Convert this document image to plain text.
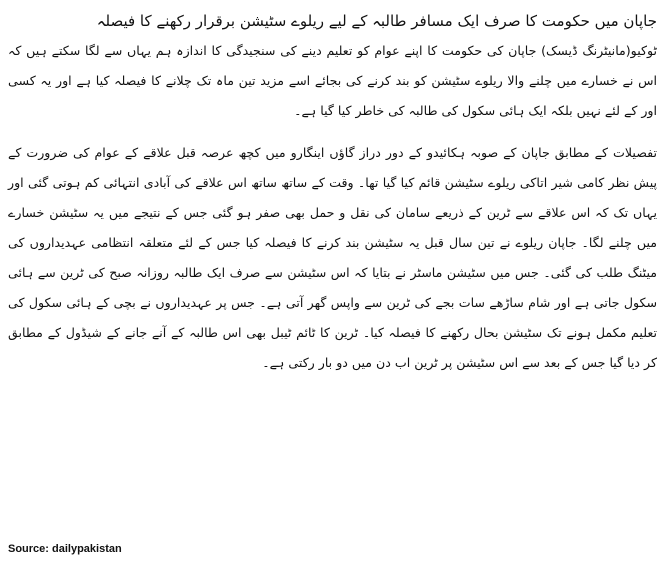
جاپان میں حکومت کا صرف ایک مسافر طالبہ کے لیے ریلوے سٹیشن برقرار رکھنے کا فیصلہ

ٹوکیو(مانیٹرنگ ڈیسک) جاپان کی حکومت کا اپنے عوام کو تعلیم دینے کی سنجیدگی کا اندازہ ہم یہاں سے لگا سکتے ہیں کہ اس نے خسارے میں چلنے والا ریلوے سٹیشن کو بند کرنے کی بجائے اسے مزید تین ماہ تک چلانے کا فیصلہ کیا ہے اور یہ کسی اور کے لئے نہیں بلکہ ایک ہائی سکول کی طالبہ کی خاطر کیا گیا ہے۔

تفصیلات کے مطابق جاپان کے صوبہ ہکائیدو کے دور دراز گاؤں اینگارو میں کچھ عرصہ قبل علاقے کے عوام کی ضرورت کے پیش نظر کامی شیر اتاکی ریلوے سٹیشن قائم کیا گیا تھا۔ وقت کے ساتھ ساتھ اس علاقے کی آبادی انتہائی کم ہوتی گئی اور یہاں تک کہ اس علاقے سے ٹرین کے ذریعے سامان کی نقل و حمل بھی صفر ہو گئی جس کے نتیجے میں یہ سٹیشن خسارے میں چلنے لگا۔ جاپان ریلوے نے تین سال قبل یہ سٹیشن بند کرنے کا فیصلہ کیا جس کے لئے متعلقہ انتظامی عہدیداروں کی میٹنگ طلب کی گئی۔ جس میں سٹیشن ماسٹر نے بتایا کہ اس سٹیشن سے صرف ایک طالبہ روزانہ صبح کی ٹرین سے ہائی سکول جاتی ہے اور شام ساڑھے سات بجے کی ٹرین سے واپس گھر آتی ہے۔ جس پر عہدیداروں نے بچی کے ہائی سکول کی تعلیم مکمل ہونے تک سٹیشن بحال رکھنے کا فیصلہ کیا۔ ٹرین کا ٹائم ٹیبل بھی اس طالبہ کے آنے جانے کے شیڈول کے مطابق کر دیا گیا جس کے بعد سے اس سٹیشن پر ٹرین اب دن میں دو بار رکتی ہے۔

Source: dailypakistan
